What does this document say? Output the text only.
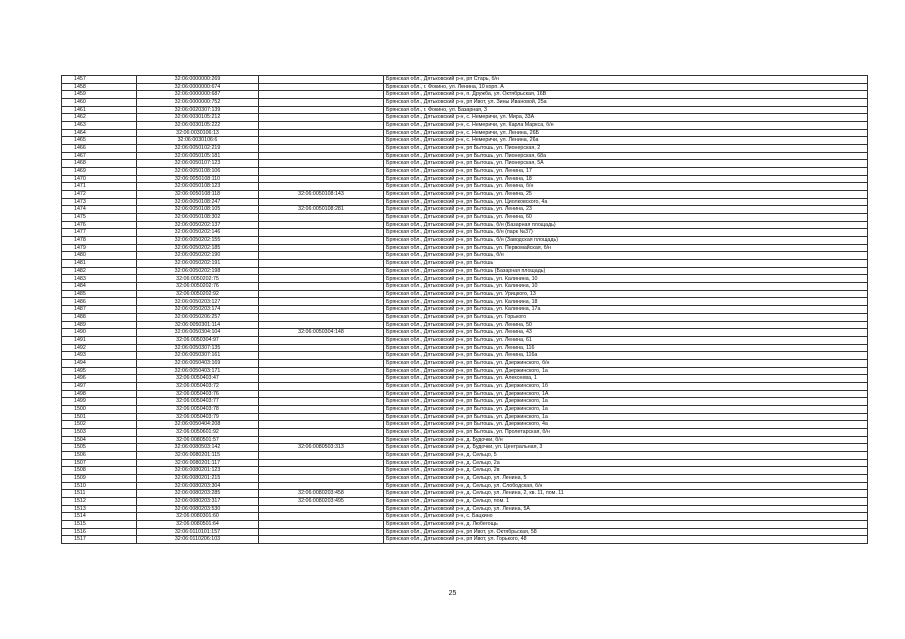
1457	32:06:0000000:269		Брянская обл., Дятьковский р-н, рп Старь, б/н
1458	32:06:0000000:674		Брянская обл., г. Фокино, ул. Ленина, 10 корп. А
1459	32:06:0000000:687		Брянская обл., Дятьковский р-н, п. Дружба, ул. Октябрьская, 16В
1460	32:06:0000000:752		Брянская обл., Дятьковский р-н, рп Ивот, ул. Зины Ивановой, 25а
1461	32:06:0020307:139		Брянская обл., г. Фокино, ул. Базарная, 3
1462	32:06:0030105:212		Брянская обл., Дятьковский р-н, с. Немеричи, ул. Мира, 33А
1463	32:06:0030105:222		Брянская обл., Дятьковский р-н, с. Немеричи, ул. Карла Маркса, б/н
1464	32:06:0030106:13		Брянская обл., Дятьковский р-н, с. Немеричи, ул. Ленина, 26Б
1465	32:06:0030106:6		Брянская обл., Дятьковский р-н, с. Немеричи, ул. Ленина, 26а
1466	32:06:0050102:219		Брянская обл., Дятьковский р-н, рп Бытошь, ул. Пионерская, 2
1467	32:06:0050105:181		Брянская обл., Дятьковский р-н, рп Бытошь, ул. Пионерская, 68а
1468	32:06:0050107:123		Брянская обл., Дятьковский р-н, рп Бытошь, ул. Пионерская, 5А
1469	32:06:0050108:106		Брянская обл., Дятьковский р-н, рп Бытошь, ул. Ленина, 17
1470	32:06:0050108:110		Брянская обл., Дятьковский р-н, рп Бытошь, ул. Ленина, 18
1471	32:06:0050108:123		Брянская обл., Дятьковский р-н, рп Бытошь, ул. Ленина, б/н
1472	32:06:0050108:118	32:06:0050108:143	Брянская обл., Дятьковский р-н, рп Бытошь, ул. Ленина, 25
1473	32:06:0050108:247		Брянская обл., Дятьковский р-н, рп Бытошь, ул. Циолковского, 4а
1474	32:06:0050108:105	32:06:0050108:281	Брянская обл., Дятьковский р-н, рп Бытошь, ул. Ленина, 23
1475	32:06:0050108:302		Брянская обл., Дятьковский р-н, рп Бытошь, ул. Ленина, 60
1476	32:06:0050202:137		Брянская обл., Дятьковский р-н, рп Бытошь, б/н (Базарная площадь)
1477	32:06:0050202:146		Брянская обл., Дятьковский р-н, рп Бытошь, б/н (парк №37)
1478	32:06:0050202:155		Брянская обл., Дятьковский р-н, рп Бытошь, б/н (Заводская площадь)
1479	32:06:0050202:185		Брянская обл., Дятьковский р-н, рп Бытошь, ул. Первомайская, б/н
1480	32:06:0050202:190		Брянская обл., Дятьковский р-н, рп Бытошь, б/н
1481	32:06:0050202:191		Брянская обл., Дятьковский р-н, рп Бытошь
1482	32:06:0050202:198		Брянская обл., Дятьковский р-н, рп Бытошь (Базарная площадь)
1483	32:06:0050202:75		Брянская обл., Дятьковский р-н, рп Бытошь, ул. Калинина, 10
1484	32:06:0050202:76		Брянская обл., Дятьковский р-н, рп Бытошь, ул. Калинина, 10
1485	32:06:0050202:92		Брянская обл., Дятьковский р-н, рп Бытошь, ул. Урицкого, 13
1486	32:06:0050203:127		Брянская обл., Дятьковский р-н, рп Бытошь, ул. Калинина, 18
1487	32:06:0050203:174		Брянская обл., Дятьковский р-н, рп Бытошь, ул. Калинина, 17а
1488	32:06:0050206:257		Брянская обл., Дятьковский р-н, рп Бытошь, ул. Горького
1489	32:06:0050301:114		Брянская обл., Дятьковский р-н, рп Бытошь, ул. Ленина, 50
1490	32:06:0050304:104	32:06:0050304:148	Брянская обл., Дятьковский р-н, рп Бытошь, ул. Ленина, 43
1491	32:06:0050304:97		Брянская обл., Дятьковский р-н, рп Бытошь, ул. Ленина, 61
1492	32:06:0050307:135		Брянская обл., Дятьковский р-н, рп Бытошь, ул. Ленина, 116
1493	32:06:0050307:161		Брянская обл., Дятьковский р-н, рп Бытошь, ул. Ленина, 116а
1494	32:06:0050403:169		Брянская обл., Дятьковский р-н, рп Бытошь, ул. Дзержинского, б/н
1495	32:06:0050403:171		Брянская обл., Дятьковский р-н, рп Бытошь, ул. Дзержинского, 1а
1496	32:06:0050403:47		Брянская обл., Дятьковский р-н, рп Бытошь, ул. Алексеева, 1
1497	32:06:0050403:72		Брянская обл., Дятьковский р-н, рп Бытошь, ул. Дзержинского, 1б
1498	32:06:0050403:76		Брянская обл., Дятьковский р-н, рп Бытошь, ул. Дзержинского, 1А
1499	32:06:0050403:77		Брянская обл., Дятьковский р-н, рп Бытошь, ул. Дзержинского, 1а
1500	32:06:0050403:78		Брянская обл., Дятьковский р-н, рп Бытошь, ул. Дзержинского, 1а
1501	32:06:0050403:79		Брянская обл., Дятьковский р-н, рп Бытошь, ул. Дзержинского, 1а
1502	32:06:0050404:208		Брянская обл., Дятьковский р-н, рп Бытошь, ул. Дзержинского, 4а
1503	32:06:0050601:92		Брянская обл., Дятьковский р-н, рп Бытошь, ул. Пролетарская, б/н
1504	32:06:0080501:57		Брянская обл., Дятьковский р-н, д. Будочки, б/н
1505	32:06:0080503:142	32:06:0080503:313	Брянская обл., Дятьковский р-н, д. Будочки, ул. Центральная, 3
1506	32:06:0080201:115		Брянская обл., Дятьковский р-н, д. Сельцо, 5
1507	32:06:0080201:117		Брянская обл., Дятьковский р-н, д. Сельцо, 2а
1508	32:06:0080201:123		Брянская обл., Дятьковский р-н, д. Сельцо, 2в
1509	32:06:0080201:215		Брянская обл., Дятьковский р-н, д. Сельцо, ул. Ленина, 5
1510	32:06:0080203:304		Брянская обл., Дятьковский р-н, д. Сельцо, ул. Слободская, б/н
1511	32:06:0080203:285	32:06:0080203:458	Брянская обл., Дятьковский р-н, д. Сельцо, ул. Ленина, 2, кв. 11, пом. 11
1512	32:06:0080203:317	32:06:0080203:495	Брянская обл., Дятьковский р-н, д. Сельцо, пом. 1
1513	32:06:0080203:530		Брянская обл., Дятьковский р-н, д. Сельцо, ул. Ленина, 5А
1514	32:06:0080301:60		Брянская обл., Дятьковский р-н, с. Бацкино
1515	32:06:0080501:64		Брянская обл., Дятьковский р-н, д. Любегощь
1516	32:06:0110101:157		Брянская обл., Дятьковский р-н, рп Ивот, ул. Октябрьская, 58
1517	32:06:0110206:103		Брянская обл., Дятьковский р-н, рп Ивот, ул. Горького, 48
25
